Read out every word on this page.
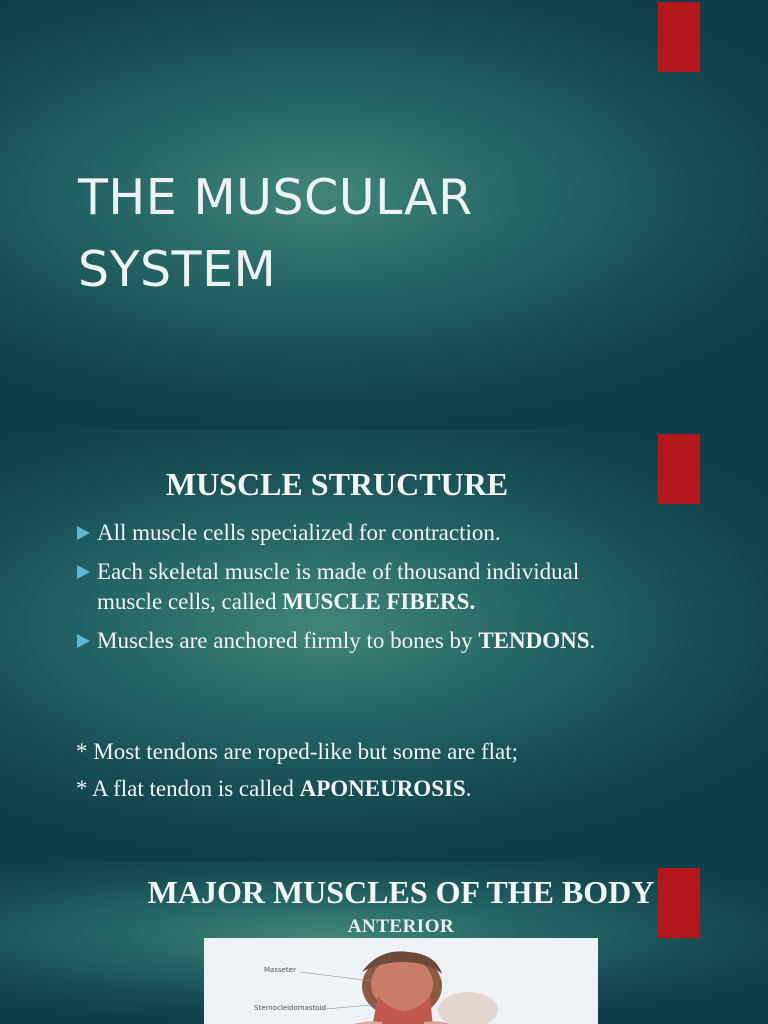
THE MUSCULAR
SYSTEM
MUSCLE STRUCTURE
All muscle cells specialized for contraction.
Each skeletal muscle is made of thousand individual muscle cells, called MUSCLE FIBERS.
Muscles are anchored firmly to bones by TENDONS.

* Most tendons are roped-like but some are flat;

* A flat tendon is called APONEUROSIS.

MAJOR MUSCLES OF THE BODY

ANTERIOR

Masseter
Sternocleidomastoid
